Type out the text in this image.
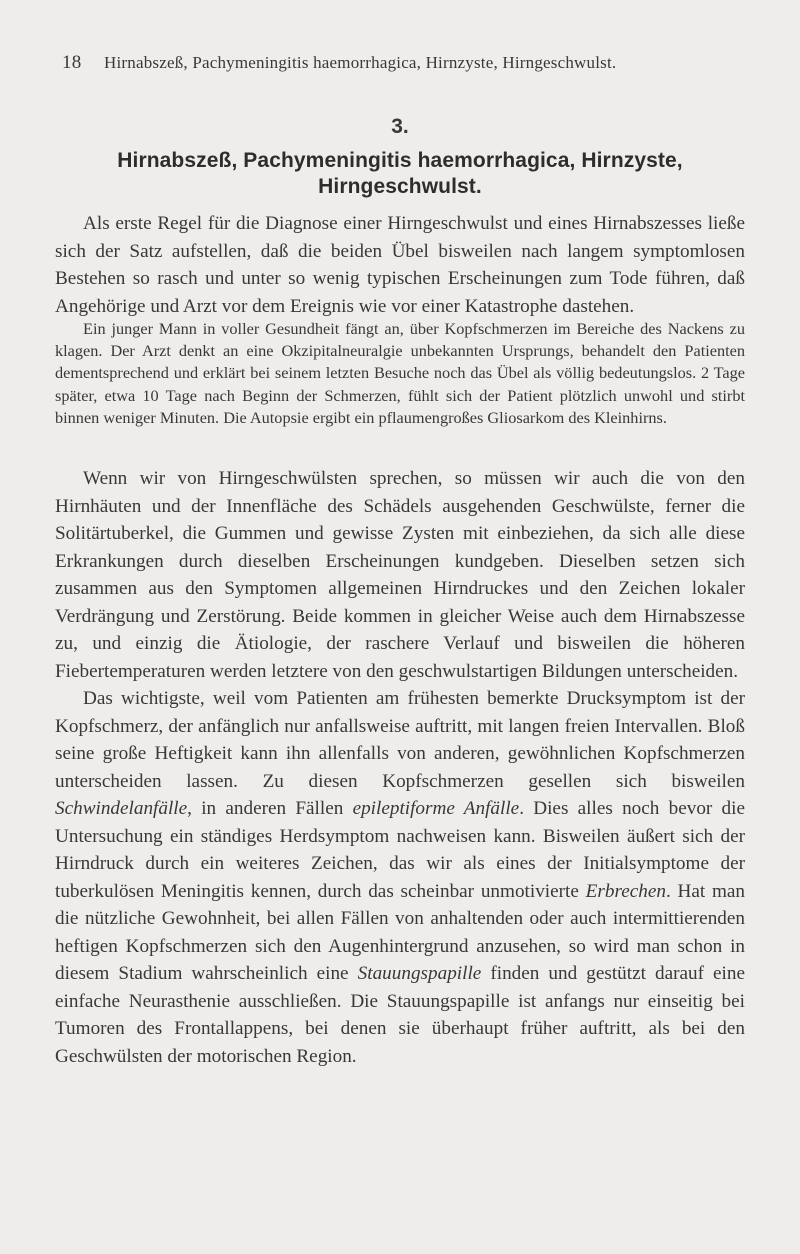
18 Hirnabszeß, Pachymeningitis haemorrhagica, Hirnzyste, Hirngeschwulst.
3.
Hirnabszeß, Pachymeningitis haemorrhagica, Hirnzyste, Hirngeschwulst.

Als erste Regel für die Diagnose einer Hirngeschwulst und eines Hirnabszesses ließe sich der Satz aufstellen, daß die beiden Übel bisweilen nach langem symptomlosen Bestehen so rasch und unter so wenig typischen Erscheinungen zum Tode führen, daß Angehörige und Arzt vor dem Ereignis wie vor einer Katastrophe dastehen.

Ein junger Mann in voller Gesundheit fängt an, über Kopfschmerzen im Bereiche des Nackens zu klagen. Der Arzt denkt an eine Okzipitalneuralgie unbekannten Ursprungs, behandelt den Patienten dementsprechend und erklärt bei seinem letzten Besuche noch das Übel als völlig bedeutungslos. 2 Tage später, etwa 10 Tage nach Beginn der Schmerzen, fühlt sich der Patient plötzlich unwohl und stirbt binnen weniger Minuten. Die Autopsie ergibt ein pflaumengroßes Gliosarkom des Kleinhirns.

Wenn wir von Hirngeschwülsten sprechen, so müssen wir auch die von den Hirnhäuten und der Innenfläche des Schädels ausgehenden Geschwülste, ferner die Solitärtuberkel, die Gummen und gewisse Zysten mit einbeziehen, da sich alle diese Erkrankungen durch dieselben Erscheinungen kundgeben. Dieselben setzen sich zusammen aus den Symptomen allgemeinen Hirndruckes und den Zeichen lokaler Verdrängung und Zerstörung. Beide kommen in gleicher Weise auch dem Hirnabszesse zu, und einzig die Ätiologie, der raschere Verlauf und bisweilen die höheren Fiebertemperaturen werden letztere von den geschwulstartigen Bildungen unterscheiden.

Das wichtigste, weil vom Patienten am frühesten bemerkte Drucksymptom ist der Kopfschmerz, der anfänglich nur anfallsweise auftritt, mit langen freien Intervallen. Bloß seine große Heftigkeit kann ihn allenfalls von anderen, gewöhnlichen Kopfschmerzen unterscheiden lassen. Zu diesen Kopfschmerzen gesellen sich bisweilen Schwindelanfälle, in anderen Fällen epileptiforme Anfälle. Dies alles noch bevor die Untersuchung ein ständiges Herdsymptom nachweisen kann. Bisweilen äußert sich der Hirndruck durch ein weiteres Zeichen, das wir als eines der Initialsymptome der tuberkulösen Meningitis kennen, durch das scheinbar unmotivierte Erbrechen. Hat man die nützliche Gewohnheit, bei allen Fällen von anhaltenden oder auch intermittierenden heftigen Kopfschmerzen sich den Augenhintergrund anzusehen, so wird man schon in diesem Stadium wahrscheinlich eine Stauungspapille finden und gestützt darauf eine einfache Neurasthenie ausschließen. Die Stauungspapille ist anfangs nur einseitig bei Tumoren des Frontallappens, bei denen sie überhaupt früher auftritt, als bei den Geschwülsten der motorischen Region.
